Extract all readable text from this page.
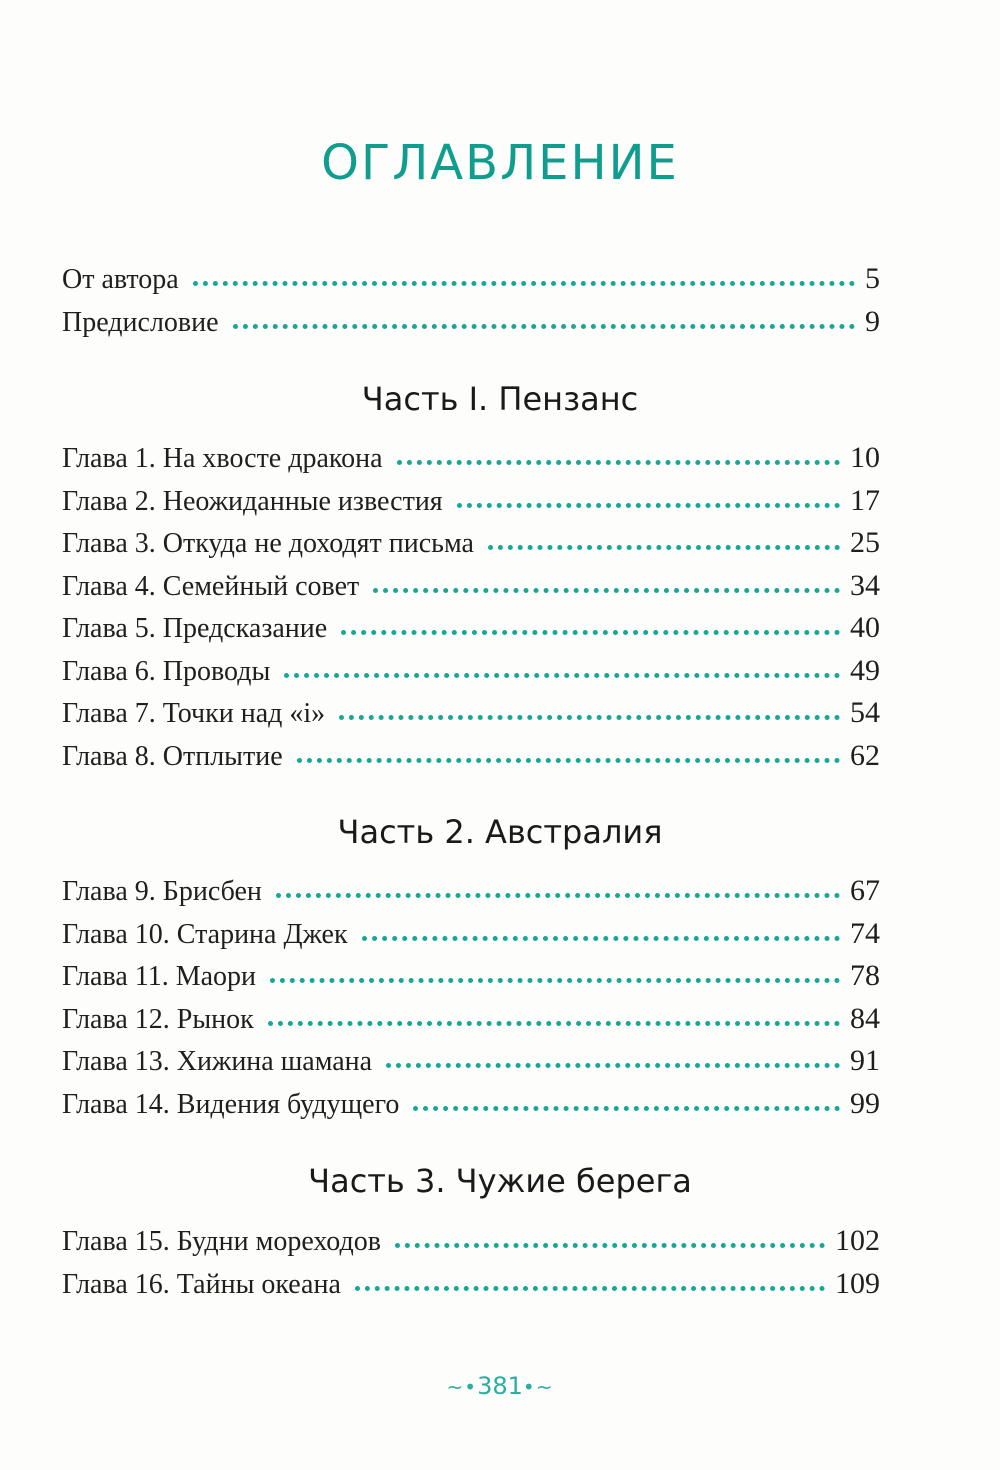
ОГЛАВЛЕНИЕ
От автора	5
Предисловие	9
Часть I. Пензанс
Глава 1. На хвосте дракона	10
Глава 2. Неожиданные известия	17
Глава 3. Откуда не доходят письма	25
Глава 4. Семейный совет	34
Глава 5. Предсказание	40
Глава 6. Проводы	49
Глава 7. Точки над «і»	54
Глава 8. Отплытие	62
Часть 2. Австралия
Глава 9. Брисбен	67
Глава 10. Старина Джек	74
Глава 11. Маори	78
Глава 12. Рынок	84
Глава 13. Хижина шамана	91
Глава 14. Видения будущего	99
Часть 3. Чужие берега
Глава 15. Будни мореходов	102
Глава 16. Тайны океана	109
~•381•~
